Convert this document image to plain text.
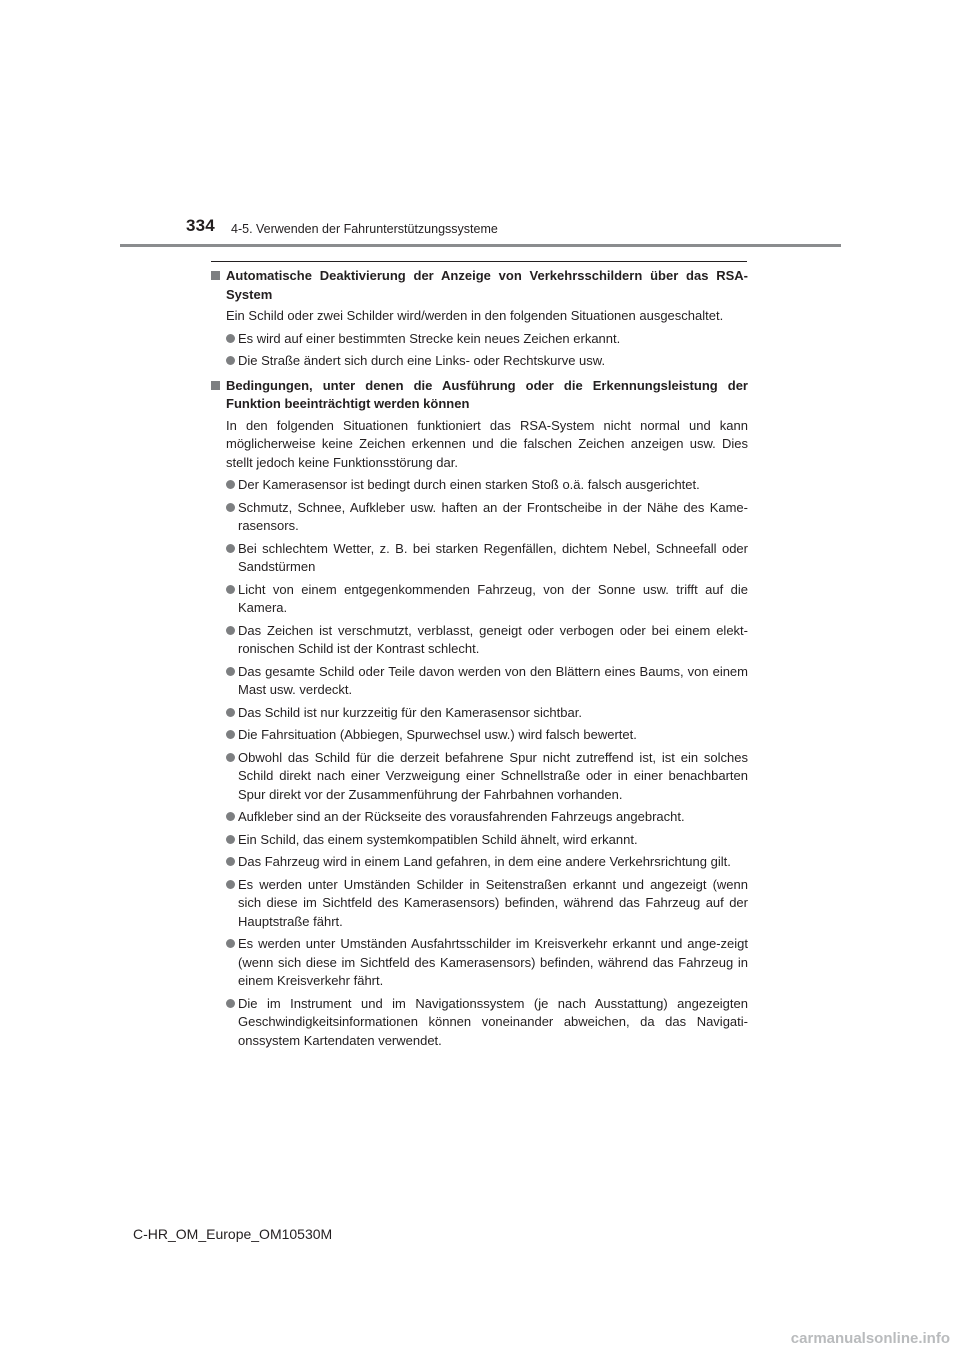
334 4-5. Verwenden der Fahrunterstützungssysteme
Automatische Deaktivierung der Anzeige von Verkehrsschildern über das RSA-System
Ein Schild oder zwei Schilder wird/werden in den folgenden Situationen ausgeschaltet.
Es wird auf einer bestimmten Strecke kein neues Zeichen erkannt.
Die Straße ändert sich durch eine Links- oder Rechtskurve usw.
Bedingungen, unter denen die Ausführung oder die Erkennungsleistung der Funktion beeinträchtigt werden können
In den folgenden Situationen funktioniert das RSA-System nicht normal und kann möglicherweise keine Zeichen erkennen und die falschen Zeichen anzeigen usw. Dies stellt jedoch keine Funktionsstörung dar.
Der Kamerasensor ist bedingt durch einen starken Stoß o.ä. falsch ausgerichtet.
Schmutz, Schnee, Aufkleber usw. haften an der Frontscheibe in der Nähe des Kame-rasensors.
Bei schlechtem Wetter, z. B. bei starken Regenfällen, dichtem Nebel, Schneefall oder Sandstürmen
Licht von einem entgegenkommenden Fahrzeug, von der Sonne usw. trifft auf die Kamera.
Das Zeichen ist verschmutzt, verblasst, geneigt oder verbogen oder bei einem elekt-ronischen Schild ist der Kontrast schlecht.
Das gesamte Schild oder Teile davon werden von den Blättern eines Baums, von einem Mast usw. verdeckt.
Das Schild ist nur kurzzeitig für den Kamerasensor sichtbar.
Die Fahrsituation (Abbiegen, Spurwechsel usw.) wird falsch bewertet.
Obwohl das Schild für die derzeit befahrene Spur nicht zutreffend ist, ist ein solches Schild direkt nach einer Verzweigung einer Schnellstraße oder in einer benachbarten Spur direkt vor der Zusammenführung der Fahrbahnen vorhanden.
Aufkleber sind an der Rückseite des vorausfahrenden Fahrzeugs angebracht.
Ein Schild, das einem systemkompatiblen Schild ähnelt, wird erkannt.
Das Fahrzeug wird in einem Land gefahren, in dem eine andere Verkehrsrichtung gilt.
Es werden unter Umständen Schilder in Seitenstraßen erkannt und angezeigt (wenn sich diese im Sichtfeld des Kamerasensors) befinden, während das Fahrzeug auf der Hauptstraße fährt.
Es werden unter Umständen Ausfahrtsschilder im Kreisverkehr erkannt und ange-zeigt (wenn sich diese im Sichtfeld des Kamerasensors) befinden, während das Fahrzeug in einem Kreisverkehr fährt.
Die im Instrument und im Navigationssystem (je nach Ausstattung) angezeigten Geschwindigkeitsinformationen können voneinander abweichen, da das Navigati-onssystem Kartendaten verwendet.
C-HR_OM_Europe_OM10530M
carmanualsonline.info
